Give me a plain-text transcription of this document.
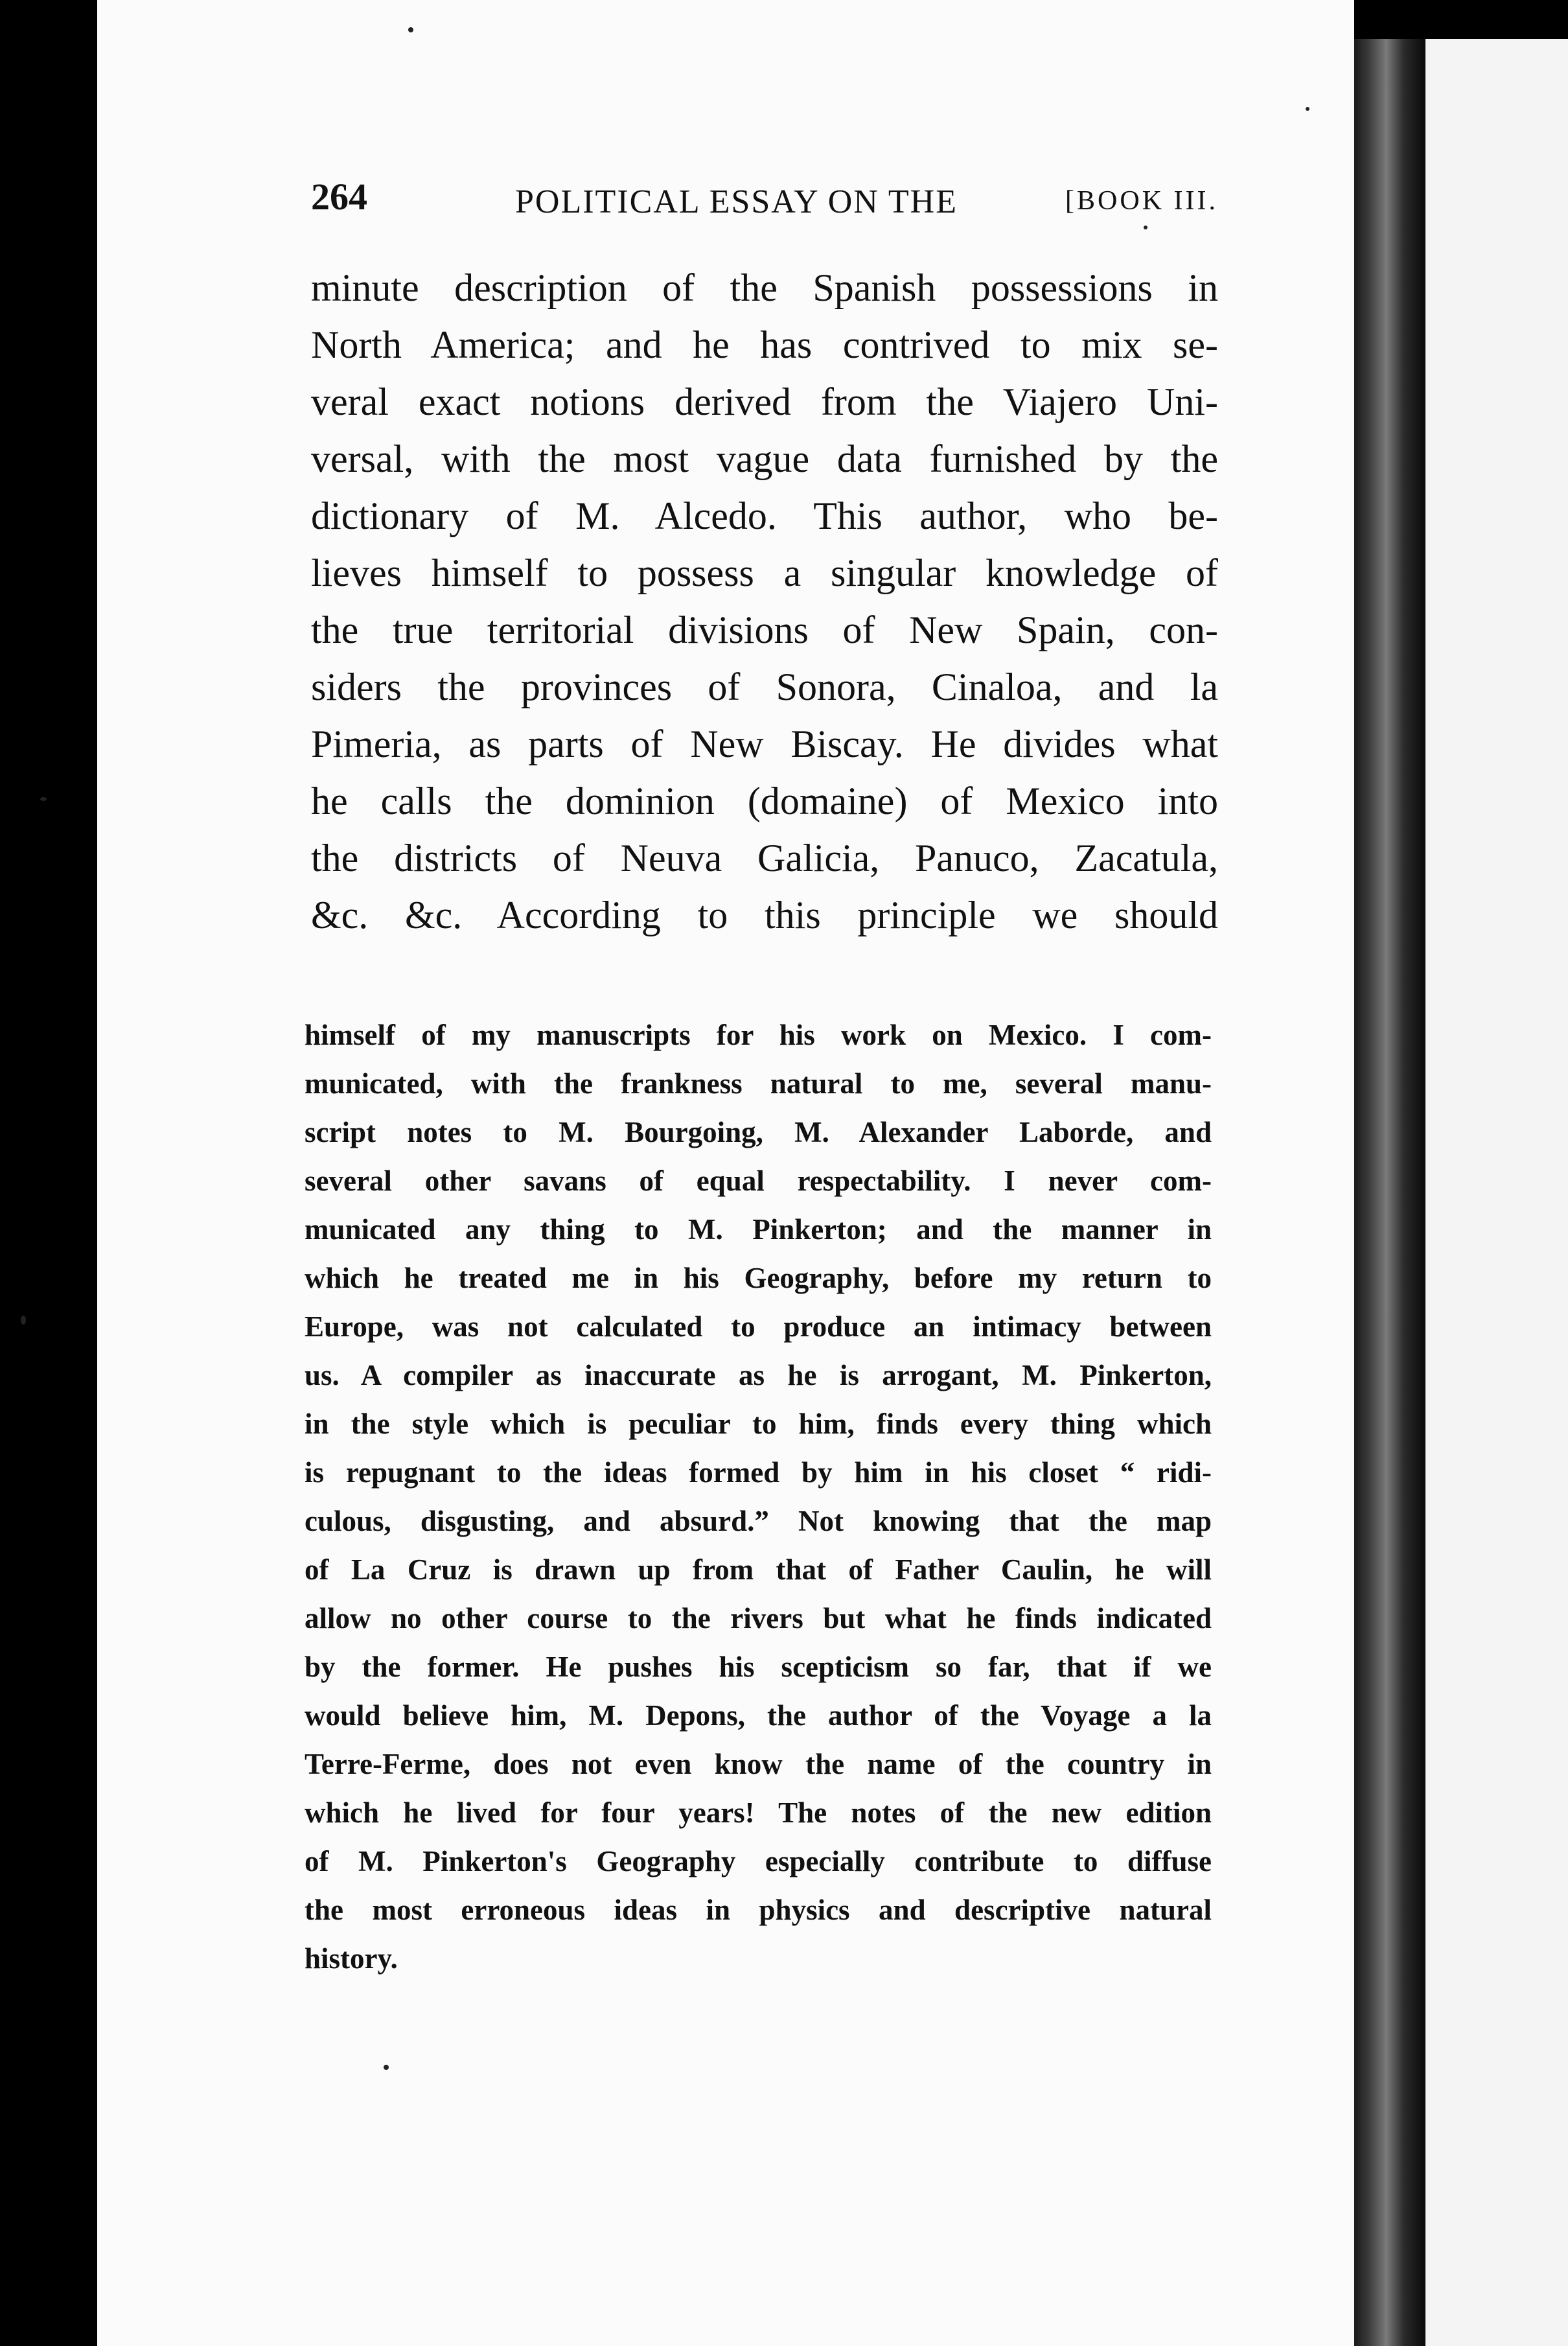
264	POLITICAL ESSAY ON THE	[BOOK III.
minute description of the Spanish possessions in
North America; and he has contrived to mix se-
veral exact notions derived from the Viajero Uni-
versal, with the most vague data furnished by the
dictionary of M. Alcedo. This author, who be-
lieves himself to possess a singular knowledge of
the true territorial divisions of New Spain, con-
siders the provinces of Sonora, Cinaloa, and la
Pimeria, as parts of New Biscay. He divides what
he calls the dominion (domaine) of Mexico into
the districts of Neuva Galicia, Panuco, Zacatula,
&c. &c. According to this principle we should
himself of my manuscripts for his work on Mexico. I com-
municated, with the frankness natural to me, several manu-
script notes to M. Bourgoing, M. Alexander Laborde, and
several other savans of equal respectability. I never com-
municated any thing to M. Pinkerton; and the manner in
which he treated me in his Geography, before my return to
Europe, was not calculated to produce an intimacy between
us. A compiler as inaccurate as he is arrogant, M. Pinkerton,
in the style which is peculiar to him, finds every thing which
is repugnant to the ideas formed by him in his closet “ ridi-
culous, disgusting, and absurd.” Not knowing that the map
of La Cruz is drawn up from that of Father Caulin, he will
allow no other course to the rivers but what he finds indicated
by the former. He pushes his scepticism so far, that if we
would believe him, M. Depons, the author of the Voyage a la
Terre-Ferme, does not even know the name of the country in
which he lived for four years! The notes of the new edition
of M. Pinkerton's Geography especially contribute to diffuse
the most erroneous ideas in physics and descriptive natural
history.
